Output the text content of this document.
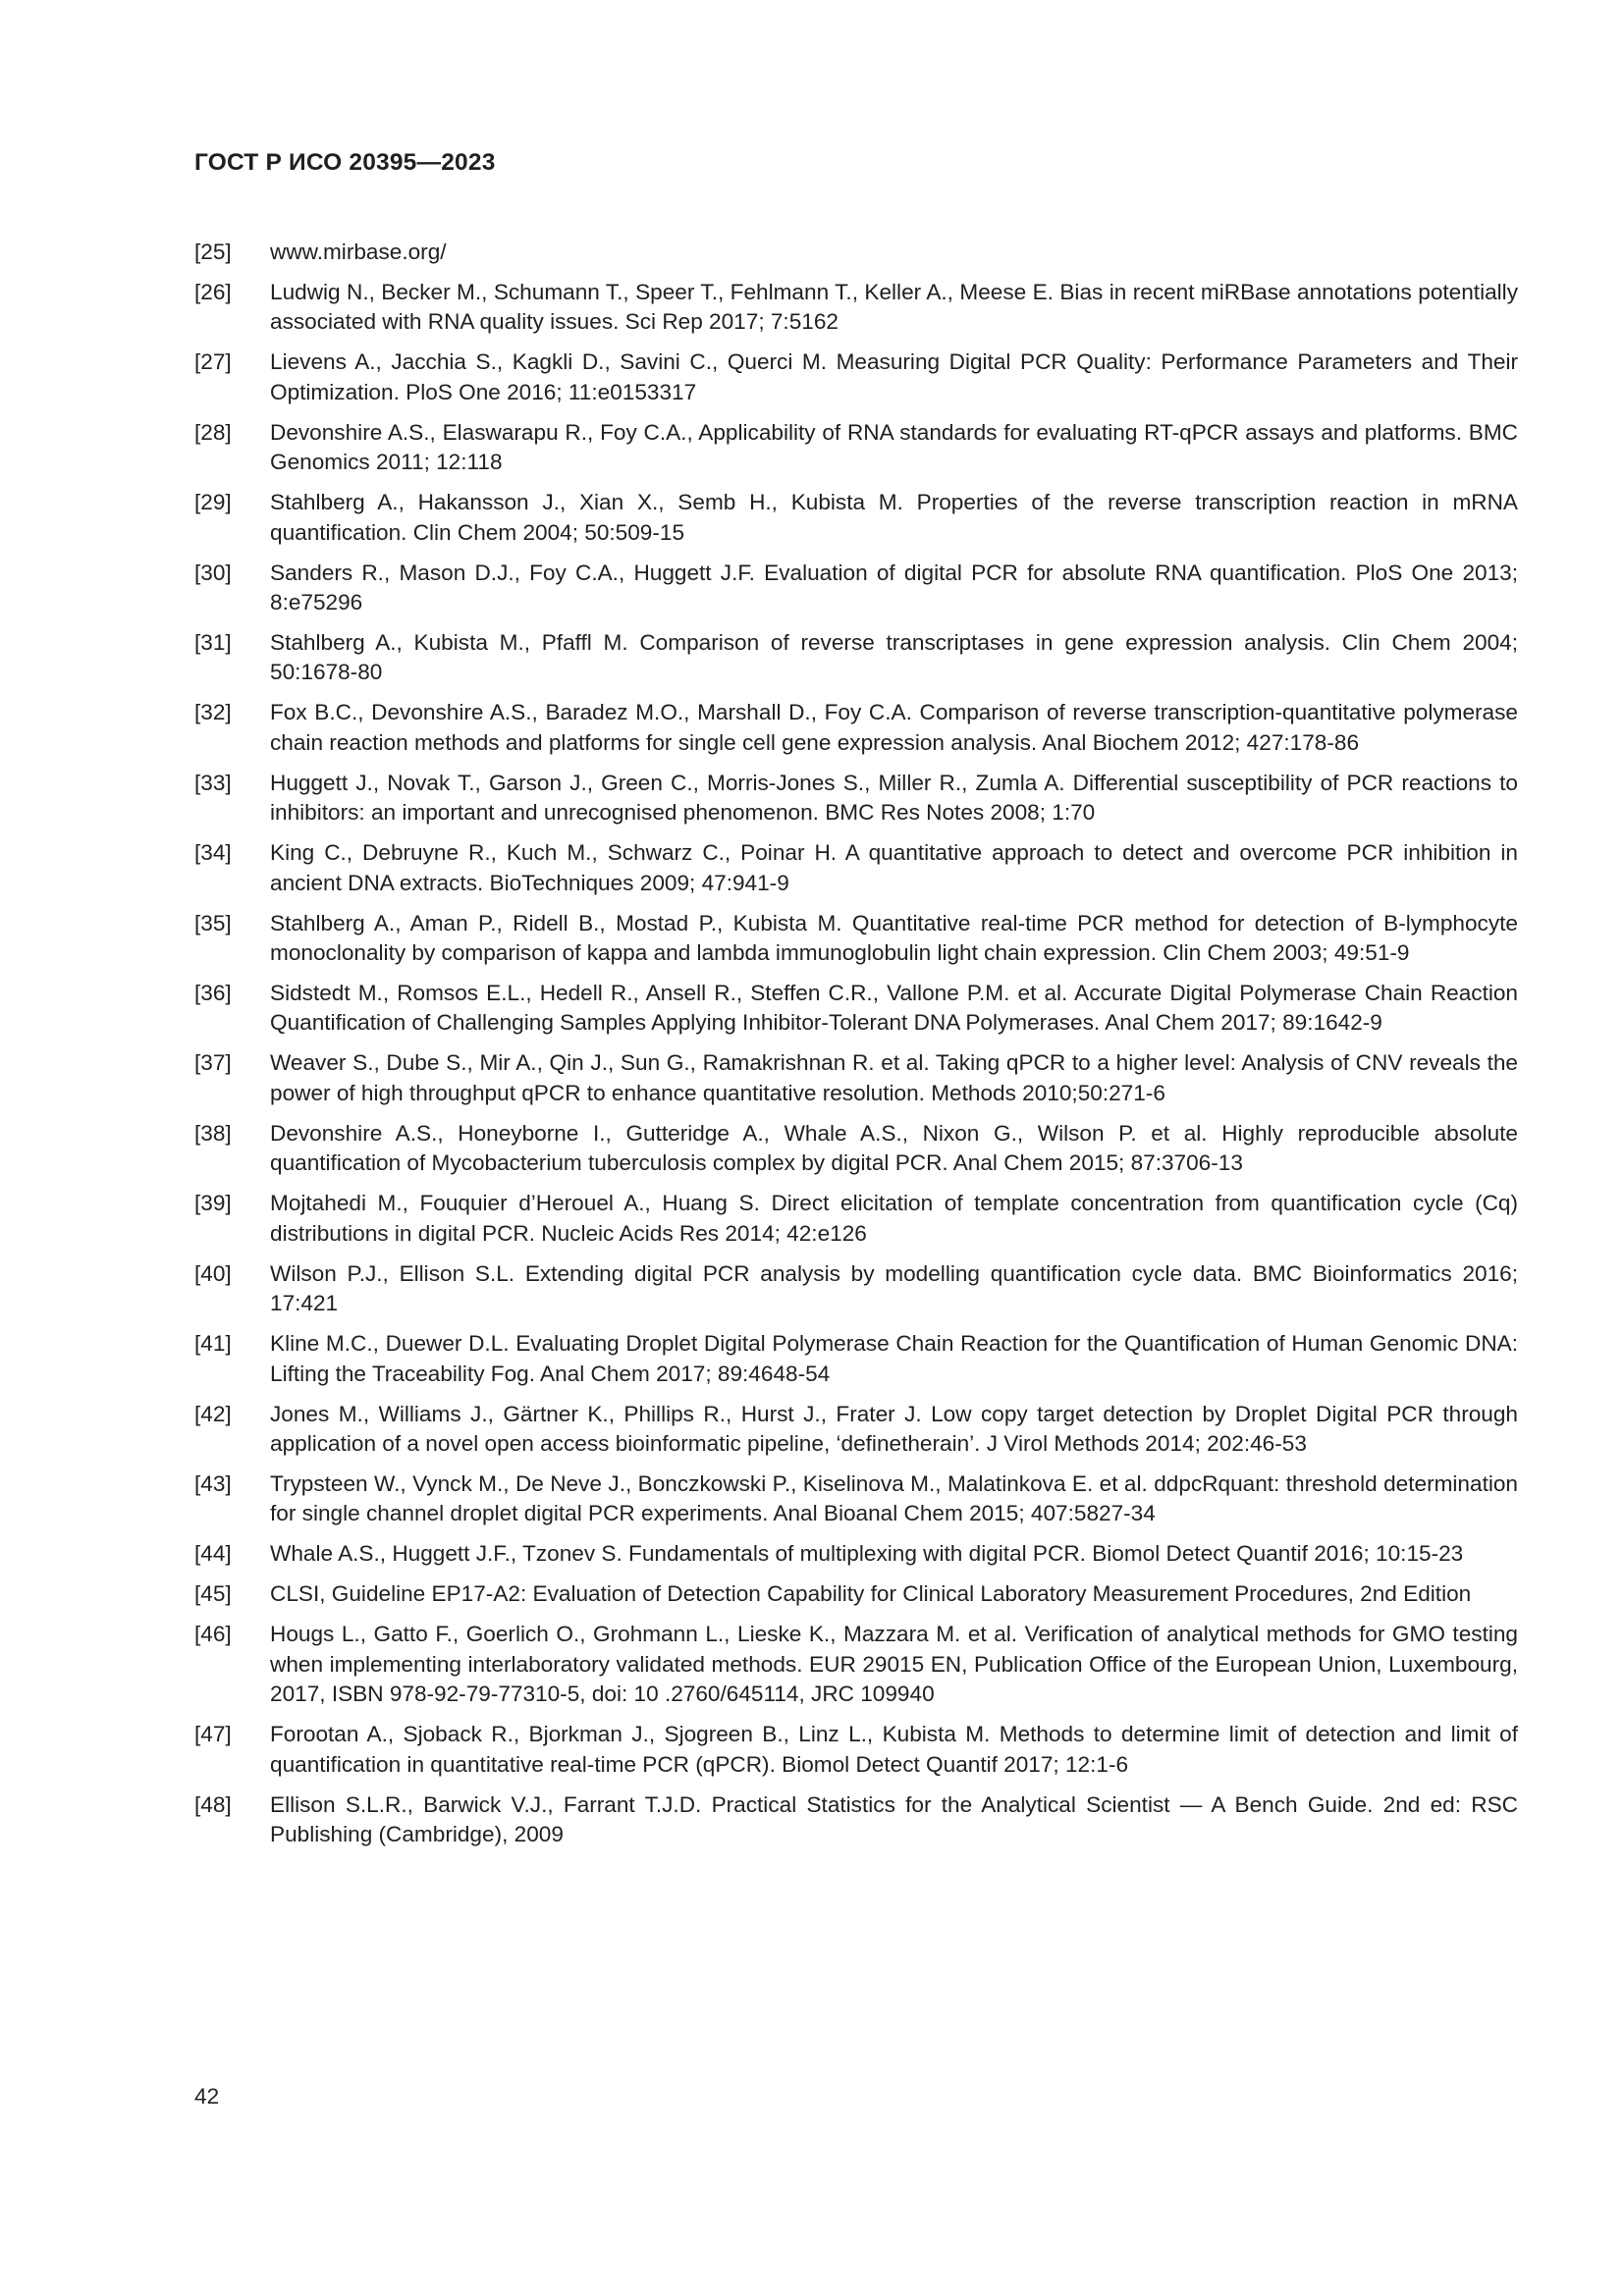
ГОСТ Р ИСО 20395—2023
[25]	www.mirbase.org/
[26]	Ludwig N., Becker M., Schumann T., Speer T., Fehlmann T., Keller A., Meese E. Bias in recent miRBase annotations potentially associated with RNA quality issues. Sci Rep 2017; 7:5162
[27]	Lievens A., Jacchia S., Kagkli D., Savini C., Querci M. Measuring Digital PCR Quality: Performance Parameters and Their Optimization. PloS One 2016; 11:e0153317
[28]	Devonshire A.S., Elaswarapu R., Foy C.A., Applicability of RNA standards for evaluating RT-qPCR assays and platforms. BMC Genomics 2011; 12:118
[29]	Stahlberg A., Hakansson J., Xian X., Semb H., Kubista M. Properties of the reverse transcription reaction in mRNA quantification. Clin Chem 2004; 50:509-15
[30]	Sanders R., Mason D.J., Foy C.A., Huggett J.F. Evaluation of digital PCR for absolute RNA quantification. PloS One 2013; 8:e75296
[31]	Stahlberg A., Kubista M., Pfaffl M. Comparison of reverse transcriptases in gene expression analysis. Clin Chem 2004; 50:1678-80
[32]	Fox B.C., Devonshire A.S., Baradez M.O., Marshall D., Foy C.A. Comparison of reverse transcription-quantitative polymerase chain reaction methods and platforms for single cell gene expression analysis. Anal Biochem 2012; 427:178-86
[33]	Huggett J., Novak T., Garson J., Green C., Morris-Jones S., Miller R., Zumla A. Differential susceptibility of PCR reactions to inhibitors: an important and unrecognised phenomenon. BMC Res Notes 2008; 1:70
[34]	King C., Debruyne R., Kuch M., Schwarz C., Poinar H. A quantitative approach to detect and overcome PCR inhibition in ancient DNA extracts. BioTechniques 2009; 47:941-9
[35]	Stahlberg A., Aman P., Ridell B., Mostad P., Kubista M. Quantitative real-time PCR method for detection of B-lymphocyte monoclonality by comparison of kappa and lambda immunoglobulin light chain expression. Clin Chem 2003; 49:51-9
[36]	Sidstedt M., Romsos E.L., Hedell R., Ansell R., Steffen C.R., Vallone P.M. et al. Accurate Digital Polymerase Chain Reaction Quantification of Challenging Samples Applying Inhibitor-Tolerant DNA Polymerases. Anal Chem 2017; 89:1642-9
[37]	Weaver S., Dube S., Mir A., Qin J., Sun G., Ramakrishnan R. et al. Taking qPCR to a higher level: Analysis of CNV reveals the power of high throughput qPCR to enhance quantitative resolution. Methods 2010;50:271-6
[38]	Devonshire A.S., Honeyborne I., Gutteridge A., Whale A.S., Nixon G., Wilson P. et al. Highly reproducible absolute quantification of Mycobacterium tuberculosis complex by digital PCR. Anal Chem 2015; 87:3706-13
[39]	Mojtahedi M., Fouquier d’Herouel A., Huang S. Direct elicitation of template concentration from quantification cycle (Cq) distributions in digital PCR. Nucleic Acids Res 2014; 42:e126
[40]	Wilson P.J., Ellison S.L. Extending digital PCR analysis by modelling quantification cycle data. BMC Bioinformatics 2016; 17:421
[41]	Kline M.C., Duewer D.L. Evaluating Droplet Digital Polymerase Chain Reaction for the Quantification of Human Genomic DNA: Lifting the Traceability Fog. Anal Chem 2017; 89:4648-54
[42]	Jones M., Williams J., Gärtner K., Phillips R., Hurst J., Frater J. Low copy target detection by Droplet Digital PCR through application of a novel open access bioinformatic pipeline, ‘definetherain’. J Virol Methods 2014; 202:46-53
[43]	Trypsteen W., Vynck M., De Neve J., Bonczkowski P., Kiselinova M., Malatinkova E. et al. ddpcRquant: threshold determination for single channel droplet digital PCR experiments. Anal Bioanal Chem 2015; 407:5827-34
[44]	Whale A.S., Huggett J.F., Tzonev S. Fundamentals of multiplexing with digital PCR. Biomol Detect Quantif 2016; 10:15-23
[45]	CLSI, Guideline EP17-A2: Evaluation of Detection Capability for Clinical Laboratory Measurement Procedures, 2nd Edition
[46]	Hougs L., Gatto F., Goerlich O., Grohmann L., Lieske K., Mazzara M. et al. Verification of analytical methods for GMO testing when implementing interlaboratory validated methods. EUR 29015 EN, Publication Office of the European Union, Luxembourg, 2017, ISBN 978-92-79-77310-5, doi: 10 .2760/645114, JRC 109940
[47]	Forootan A., Sjoback R., Bjorkman J., Sjogreen B., Linz L., Kubista M. Methods to determine limit of detection and limit of quantification in quantitative real-time PCR (qPCR). Biomol Detect Quantif 2017; 12:1-6
[48]	Ellison S.L.R., Barwick V.J., Farrant T.J.D. Practical Statistics for the Analytical Scientist — A Bench Guide. 2nd ed: RSC Publishing (Cambridge), 2009
42
